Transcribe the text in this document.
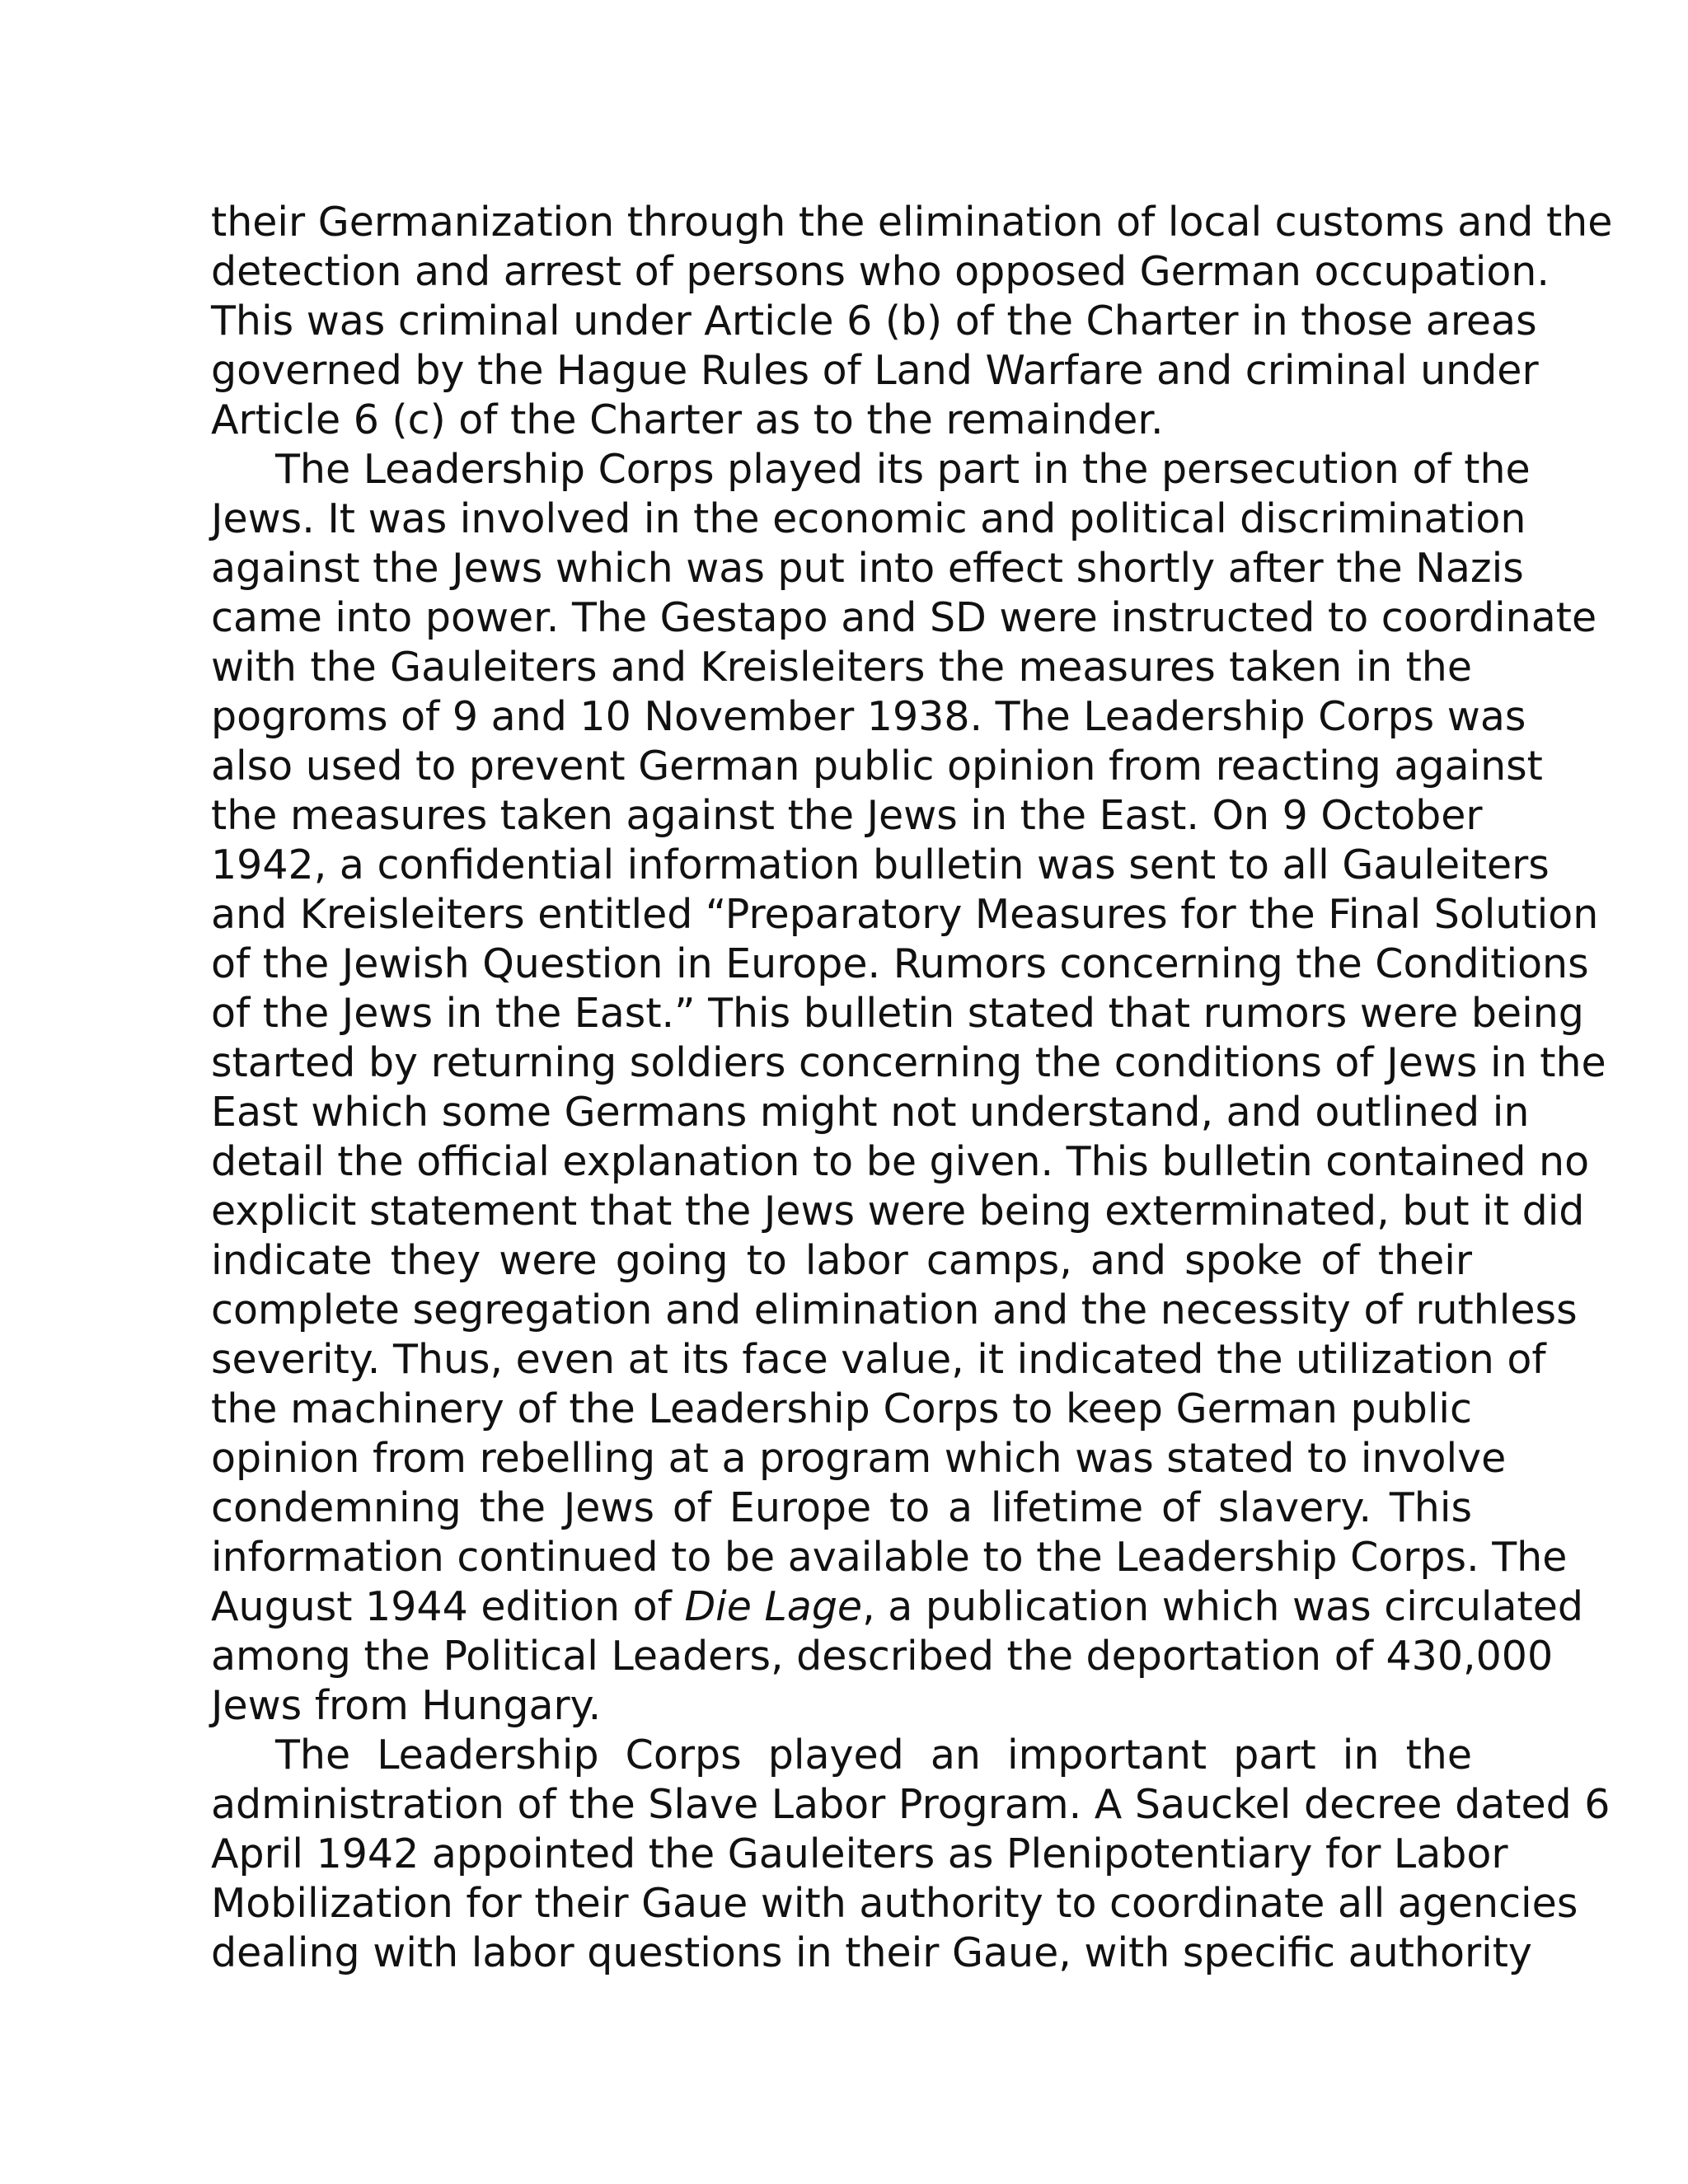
their Germanization through the elimination of local customs and the
detection and arrest of persons who opposed German occupation.
This was criminal under Article 6 (b) of the Charter in those areas
governed by the Hague Rules of Land Warfare and criminal under
Article 6 (c) of the Charter as to the remainder.

The Leadership Corps played its part in the persecution of the
Jews. It was involved in the economic and political discrimination
against the Jews which was put into effect shortly after the Nazis
came into power. The Gestapo and SD were instructed to coordinate
with the Gauleiters and Kreisleiters the measures taken in the
pogroms of 9 and 10 November 1938. The Leadership Corps was
also used to prevent German public opinion from reacting against
the measures taken against the Jews in the East. On 9 October
1942, a confidential information bulletin was sent to all Gauleiters
and Kreisleiters entitled “Preparatory Measures for the Final Solution
of the Jewish Question in Europe. Rumors concerning the Conditions
of the Jews in the East.” This bulletin stated that rumors were being
started by returning soldiers concerning the conditions of Jews in the
East which some Germans might not understand, and outlined in
detail the official explanation to be given. This bulletin contained no
explicit statement that the Jews were being exterminated, but it did
indicate they were going to labor camps, and spoke of their
complete segregation and elimination and the necessity of ruthless
severity. Thus, even at its face value, it indicated the utilization of
the machinery of the Leadership Corps to keep German public
opinion from rebelling at a program which was stated to involve
condemning the Jews of Europe to a lifetime of slavery. This
information continued to be available to the Leadership Corps. The
August 1944 edition of Die Lage, a publication which was circulated
among the Political Leaders, described the deportation of 430,000
Jews from Hungary.

The Leadership Corps played an important part in the
administration of the Slave Labor Program. A Sauckel decree dated 6
April 1942 appointed the Gauleiters as Plenipotentiary for Labor
Mobilization for their Gaue with authority to coordinate all agencies
dealing with labor questions in their Gaue, with specific authority
